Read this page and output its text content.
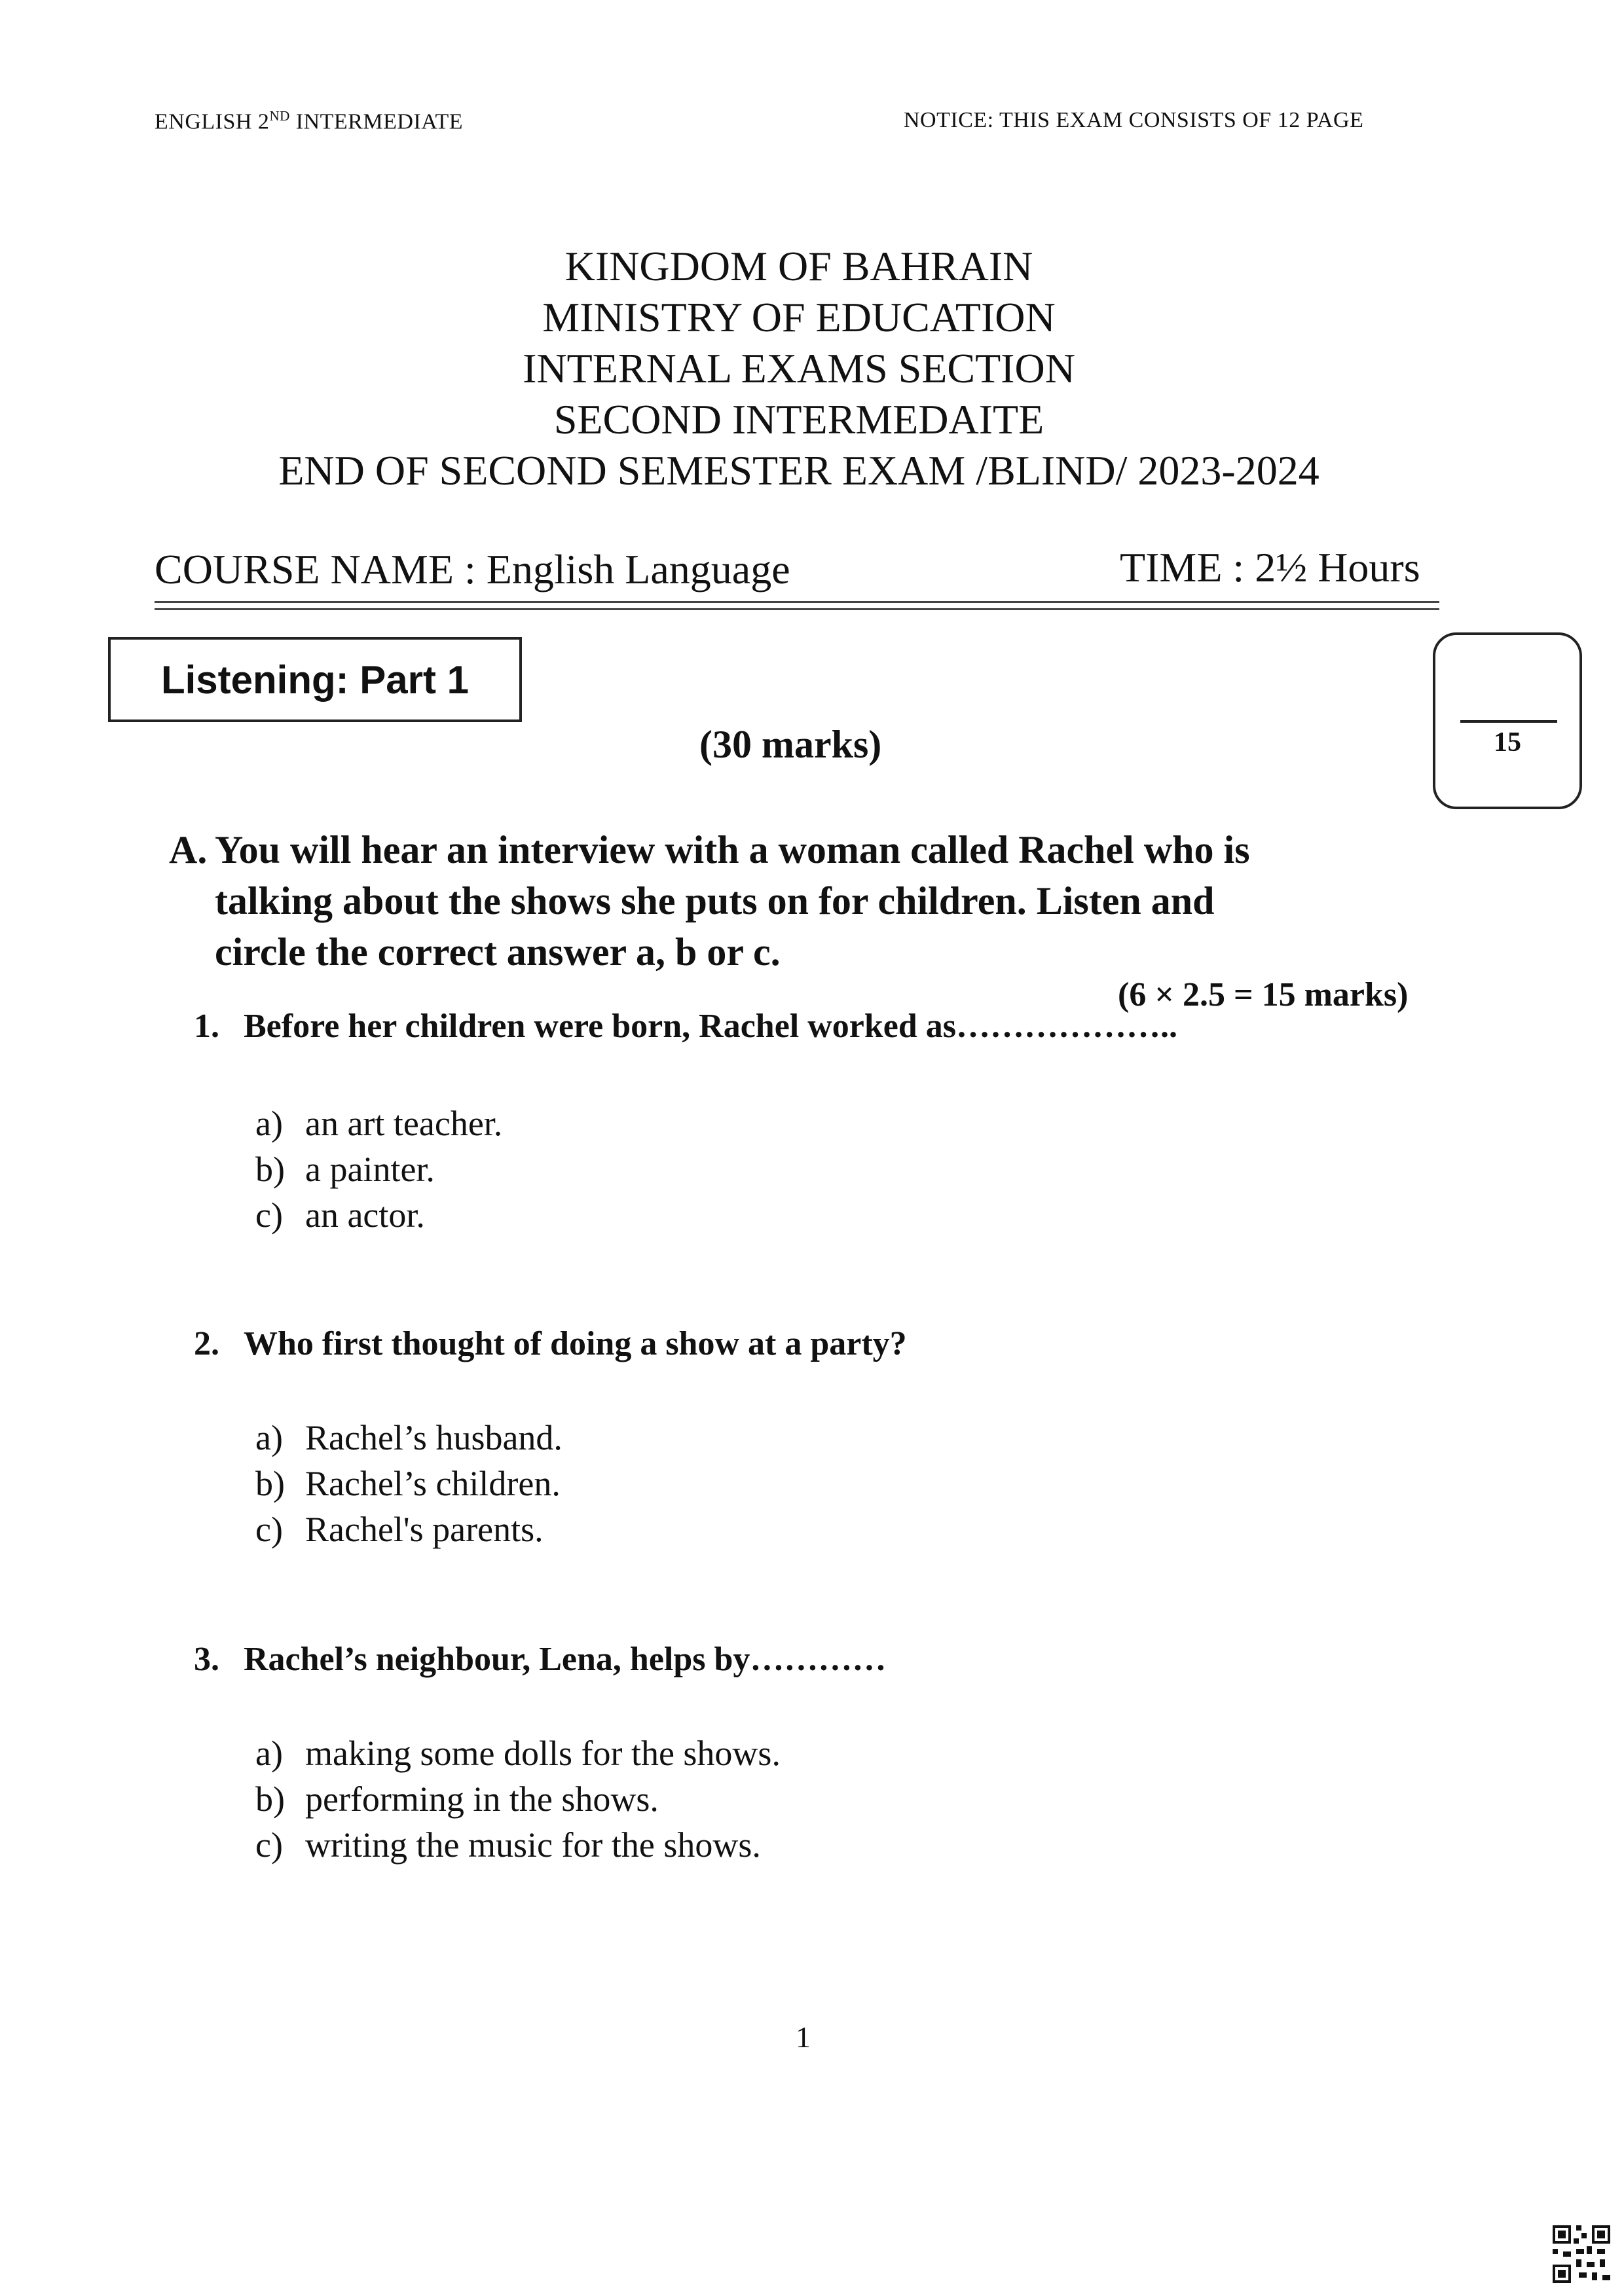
ENGLISH 2ND INTERMEDIATE	NOTICE: THIS EXAM CONSISTS OF 12 PAGE
KINGDOM OF BAHRAIN
MINISTRY OF EDUCATION
INTERNAL EXAMS SECTION
SECOND INTERMEDAITE
END OF SECOND SEMESTER EXAM /BLIND/ 2023-2024
COURSE NAME : English Language	TIME : 2½ Hours
Listening: Part 1
15
(30 marks)
A. You will hear an interview with a woman called Rachel who is
talking about the shows she puts on for children. Listen and
circle the correct answer a, b or c.
(6 × 2.5 = 15 marks)
1. Before her children were born, Rachel worked as………………..
a) an art teacher.
b) a painter.
c) an actor.
2. Who first thought of doing a show at a party?
a) Rachel’s husband.
b) Rachel’s children.
c) Rachel's parents.
3. Rachel’s neighbour, Lena, helps by…………
a) making some dolls for the shows.
b) performing in the shows.
c) writing the music for the shows.
1
